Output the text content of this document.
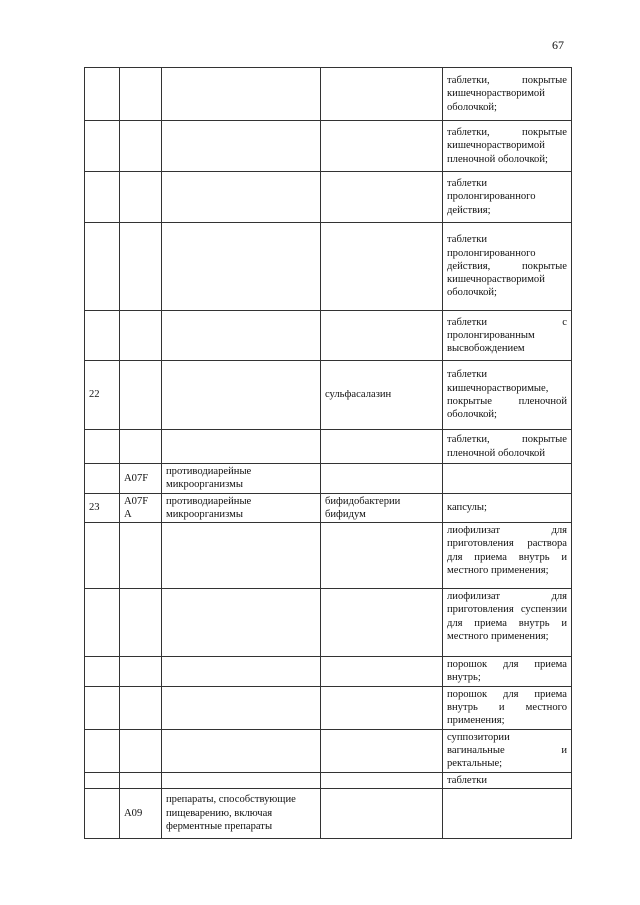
67
				таблетки, покрытые кишечнорастворимой оболочкой;
				таблетки, покрытые кишечнорастворимой пленочной оболочкой;
				таблетки пролонгированного действия;
				таблетки пролонгированного действия, покрытые кишечнорастворимой оболочкой;
				таблетки с пролонгированным высвобождением
22			сульфасалазин	таблетки кишечнорастворимые, покрытые пленочной оболочкой;
				таблетки, покрытые пленочной оболочкой
	A07F	противодиарейные микроорганизмы		
23	A07F A	противодиарейные микроорганизмы	бифидобактерии бифидум	капсулы;
				лиофилизат для приготовления раствора для приема внутрь и местного применения;
				лиофилизат для приготовления суспензии для приема внутрь и местного применения;
				порошок для приема внутрь;
				порошок для приема внутрь и местного применения;
				суппозитории вагинальные и ректальные;
				таблетки
	A09	препараты, способствующие пищеварению, включая ферментные препараты		
